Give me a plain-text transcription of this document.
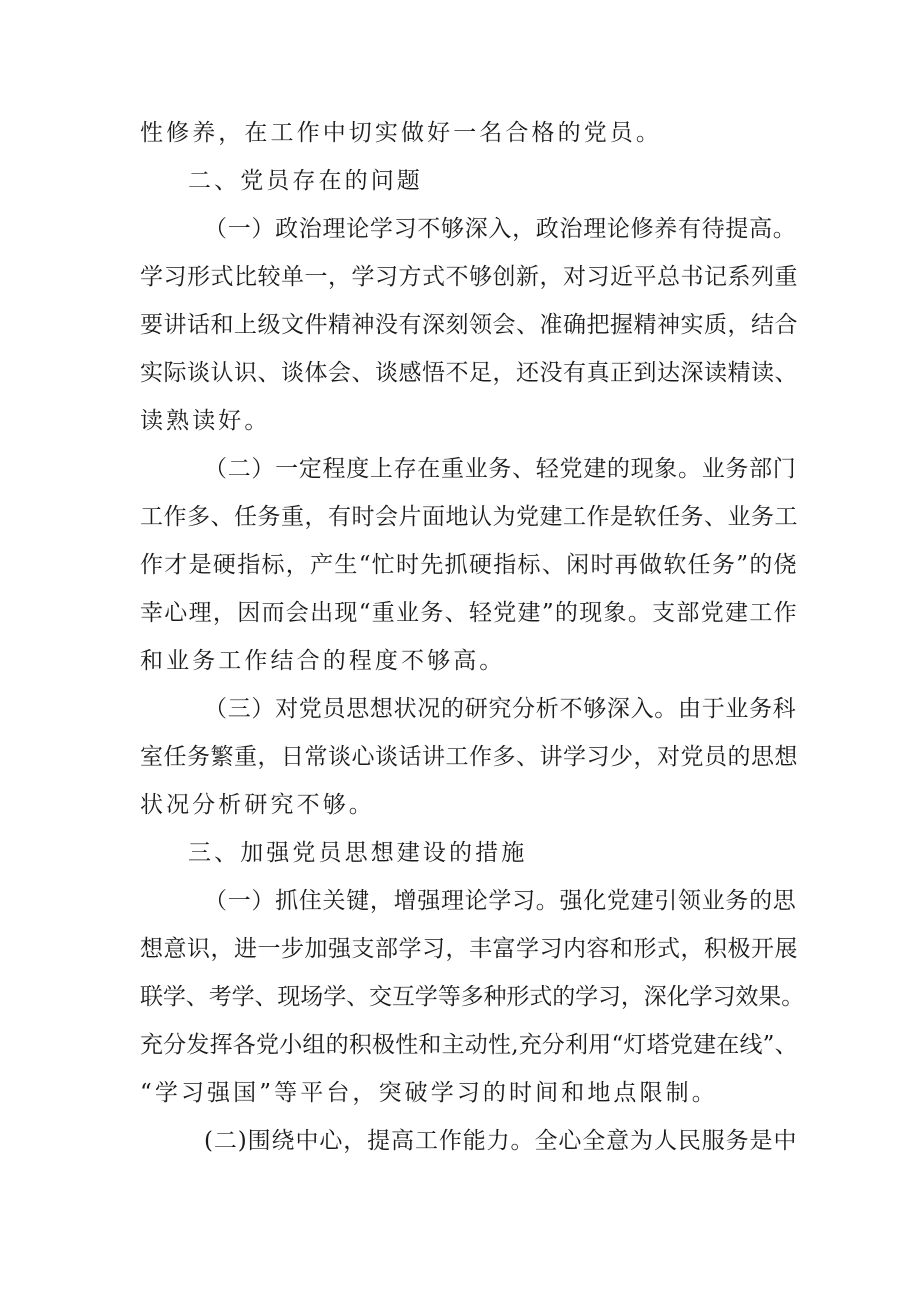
性修养，在工作中切实做好一名合格的党员。
二、党员存在的问题
（一）政治理论学习不够深入，政治理论修养有待提高。
学习形式比较单一，学习方式不够创新，对习近平总书记系列重
要讲话和上级文件精神没有深刻领会、准确把握精神实质，结合
实际谈认识、谈体会、谈感悟不足，还没有真正到达深读精读、
读熟读好。
（二）一定程度上存在重业务、轻党建的现象。业务部门
工作多、任务重，有时会片面地认为党建工作是软任务、业务工
作才是硬指标，产生“忙时先抓硬指标、闲时再做软任务”的侥
幸心理，因而会出现“重业务、轻党建”的现象。支部党建工作
和业务工作结合的程度不够高。
（三）对党员思想状况的研究分析不够深入。由于业务科
室任务繁重，日常谈心谈话讲工作多、讲学习少，对党员的思想
状况分析研究不够。
三、加强党员思想建设的措施
（一）抓住关键，增强理论学习。强化党建引领业务的思
想意识，进一步加强支部学习，丰富学习内容和形式，积极开展
联学、考学、现场学、交互学等多种形式的学习，深化学习效果。
充分发挥各党小组的积极性和主动性,充分利用“灯塔党建在线”、
“学习强国”等平台，突破学习的时间和地点限制。
(二)围绕中心，提高工作能力。全心全意为人民服务是中
